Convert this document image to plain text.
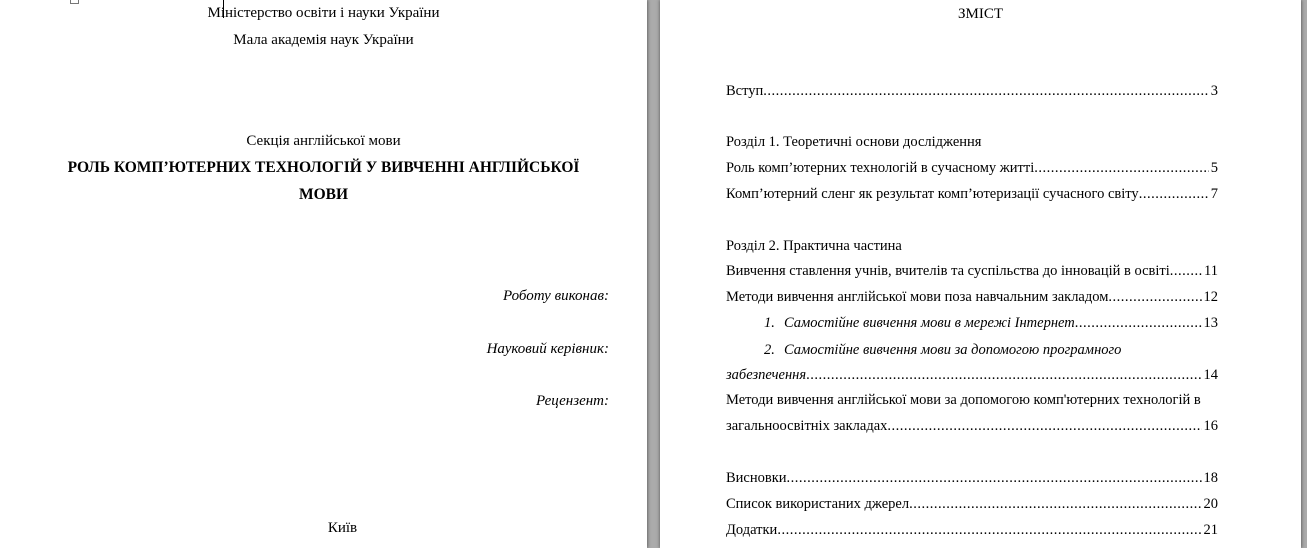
Міністерство освіти і науки України
Мала академія наук України
Секція англійської мови
РОЛЬ КОМП’ЮТЕРНИХ ТЕХНОЛОГІЙ У ВИВЧЕННІ АНГЛІЙСЬКОЇ
МОВИ
Роботу виконав:
Науковий керівник:
Рецензент:
Київ
ЗМІСТ
Вступ .....	3
Розділ 1. Теоретичні основи дослідження
Роль комп’ютерних технологій в сучасному житті .....	5
Комп’ютерний сленг як результат комп’ютеризації сучасного світу .....	7
Розділ 2. Практична частина
Вивчення ставлення учнів, вчителів та суспільства до інновацій в освіті ..... 11
Методи вивчення англійської мови поза навчальним закладом .....	12
1. Самостійне вивчення мови в мережі Інтернет .....	13
2. Самостійне вивчення мови за допомогою програмного
забезпечення .....	14
Методи вивчення англійської мови за допомогою комп'ютерних технологій в
загальноосвітніх закладах .....	16
Висновки .....	18
Список використаних джерел .....	20
Додатки .....	21
